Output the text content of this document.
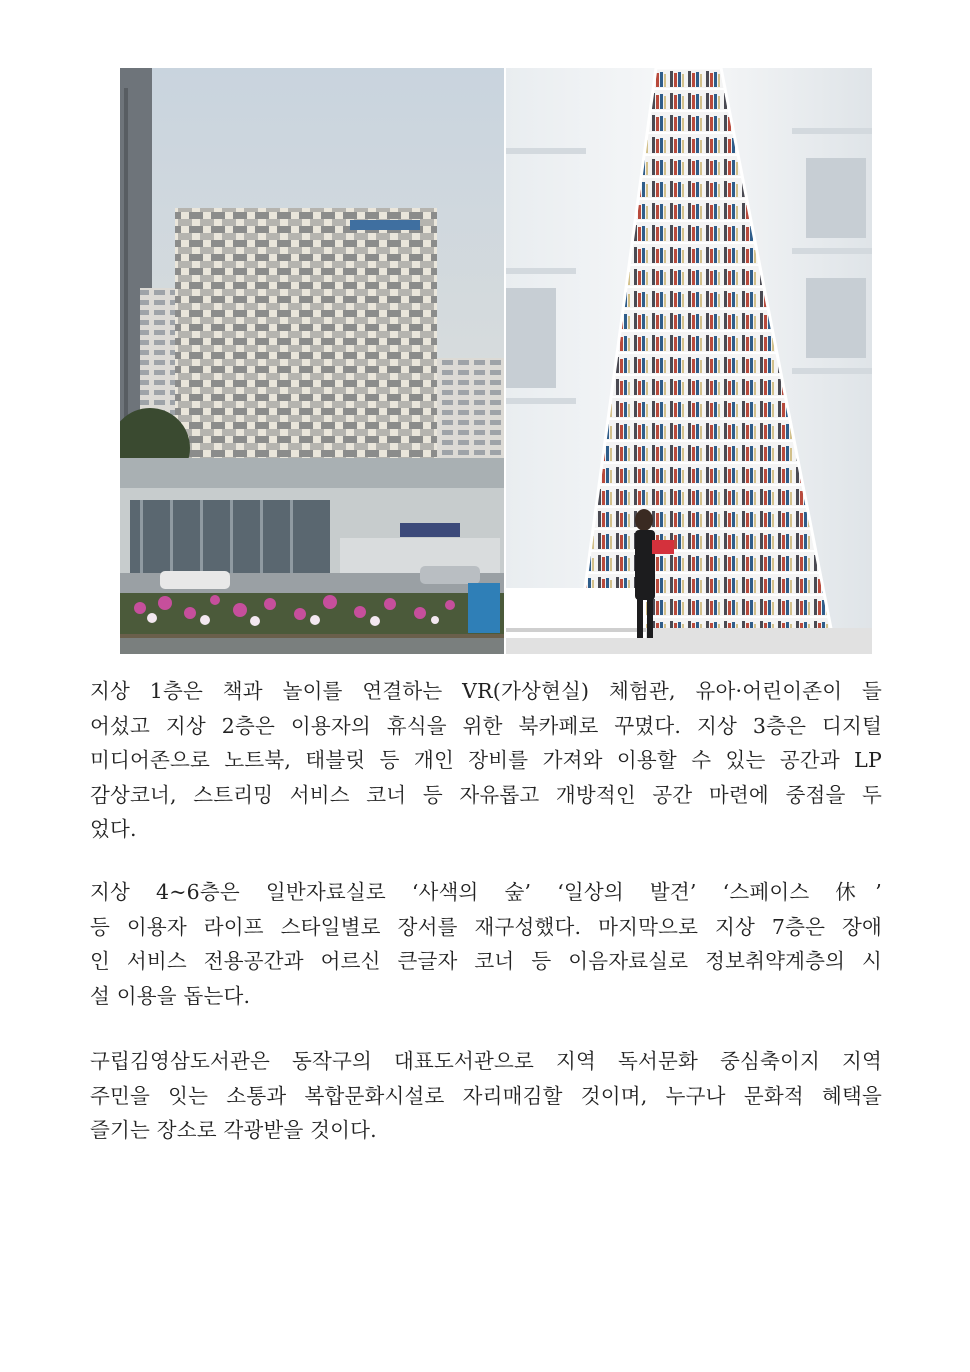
지상 1층은 책과 놀이를 연결하는 VR(가상현실) 체험관, 유아·어린이존이 들
어섰고 지상 2층은 이용자의 휴식을 위한 북카페로 꾸몄다. 지상 3층은 디지털
미디어존으로 노트북, 태블릿 등 개인 장비를 가져와 이용할 수 있는 공간과 LP
감상코너, 스트리밍 서비스 코너 등 자유롭고 개방적인 공간 마련에 중점을 두
었다.

지상 4~6층은 일반자료실로 ‘사색의 숲’ ‘일상의 발견’ ‘스페이스 休’
등 이용자 라이프 스타일별로 장서를 재구성했다. 마지막으로 지상 7층은 장애
인 서비스 전용공간과 어르신 큰글자 코너 등 이음자료실로 정보취약계층의 시
설 이용을 돕는다.

구립김영삼도서관은 동작구의 대표도서관으로 지역 독서문화 중심축이지 지역
주민을 잇는 소통과 복합문화시설로 자리매김할 것이며, 누구나 문화적 혜택을
즐기는 장소로 각광받을 것이다.
